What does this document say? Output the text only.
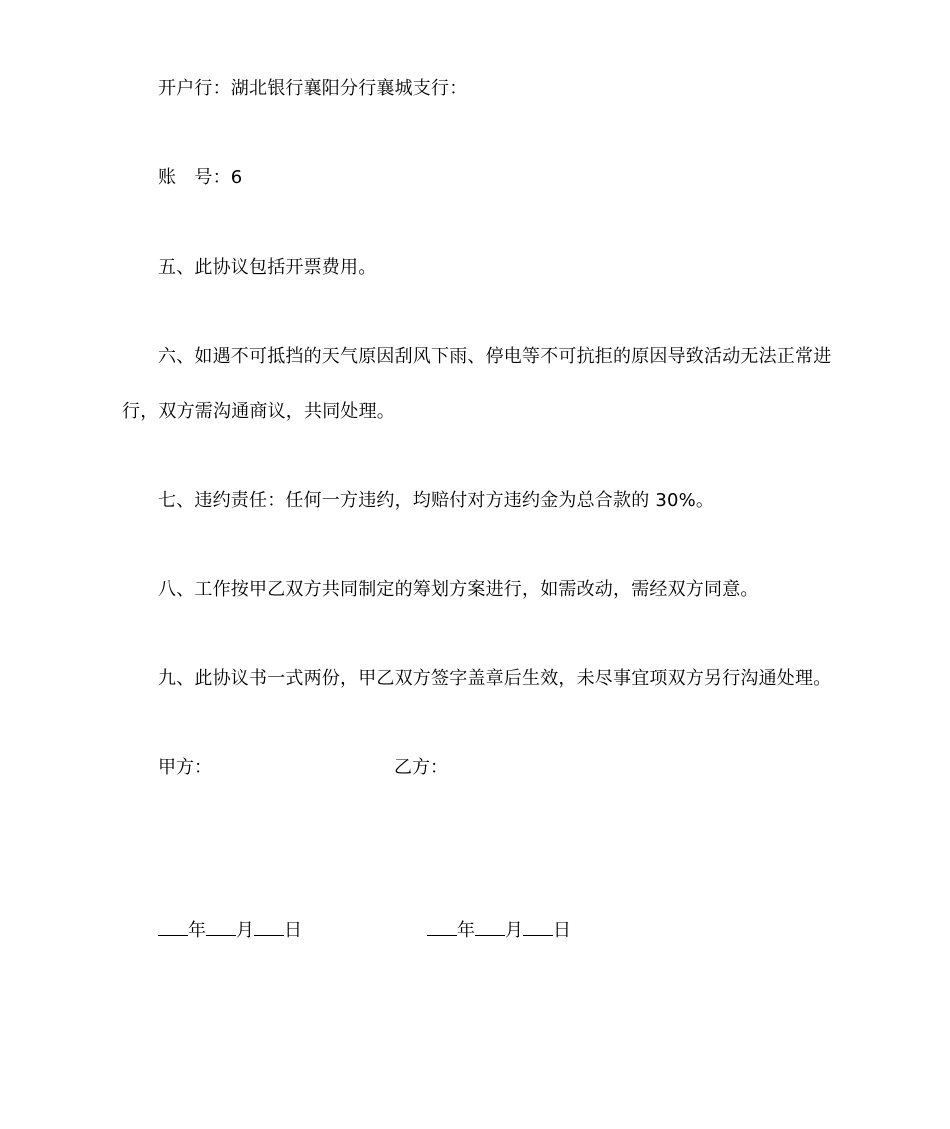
开户行：湖北银行襄阳分行襄城支行：
账　号：6
五、此协议包括开票费用。
六、如遇不可抵挡的天气原因刮风下雨、停电等不可抗拒的原因导致活动无法正常进
行，双方需沟通商议，共同处理。
七、违约责任：任何一方违约，均赔付对方违约金为总合款的 30%。
八、工作按甲乙双方共同制定的筹划方案进行，如需改动，需经双方同意。
九、此协议书一式两份，甲乙双方签字盖章后生效，未尽事宜项双方另行沟通处理。
甲方：	乙方：
年 月 日	年 月 日
